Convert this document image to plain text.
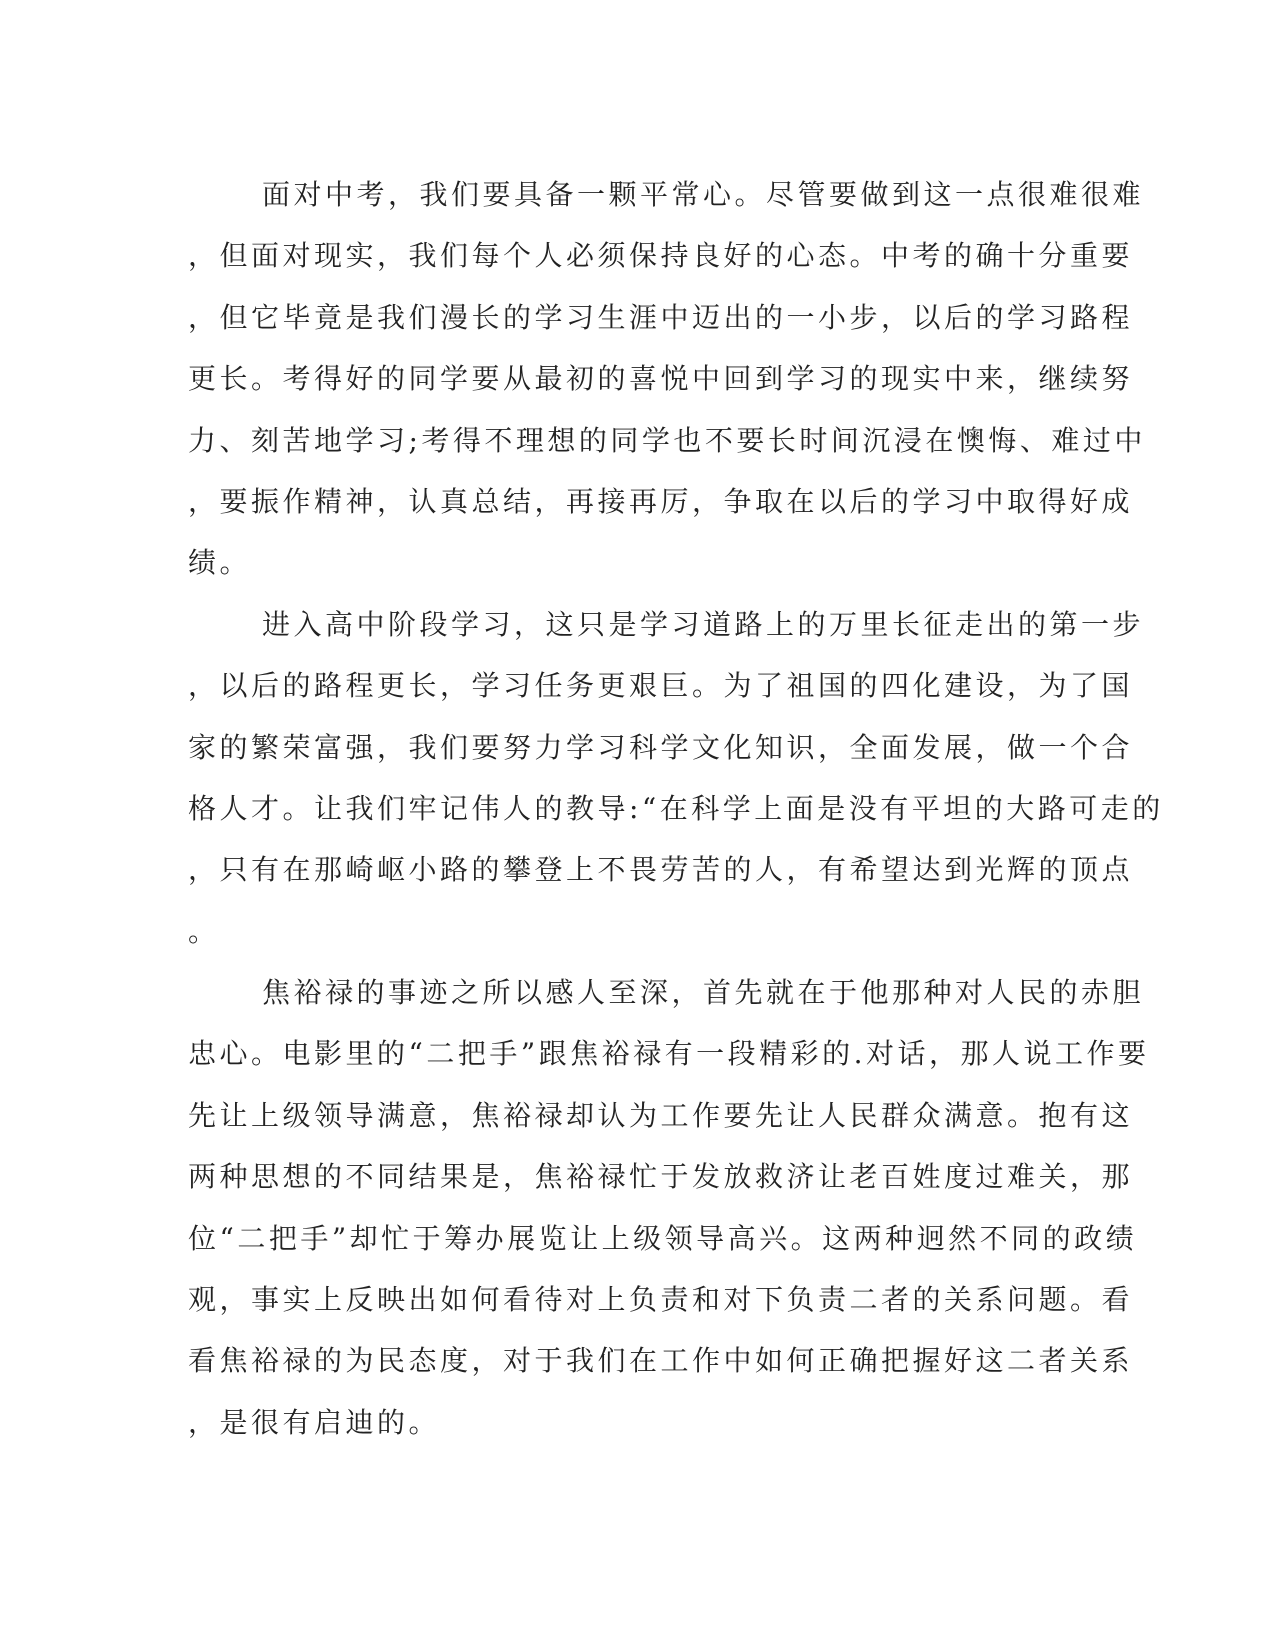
面对中考，我们要具备一颗平常心。尽管要做到这一点很难很难
，但面对现实，我们每个人必须保持良好的心态。中考的确十分重要
，但它毕竟是我们漫长的学习生涯中迈出的一小步，以后的学习路程
更长。考得好的同学要从最初的喜悦中回到学习的现实中来，继续努
力、刻苦地学习;考得不理想的同学也不要长时间沉浸在懊悔、难过中
，要振作精神，认真总结，再接再厉，争取在以后的学习中取得好成
绩。
进入高中阶段学习，这只是学习道路上的万里长征走出的第一步
，以后的路程更长，学习任务更艰巨。为了祖国的四化建设，为了国
家的繁荣富强，我们要努力学习科学文化知识，全面发展，做一个合
格人才。让我们牢记伟人的教导:“在科学上面是没有平坦的大路可走的
，只有在那崎岖小路的攀登上不畏劳苦的人，有希望达到光辉的顶点
。
焦裕禄的事迹之所以感人至深，首先就在于他那种对人民的赤胆
忠心。电影里的“二把手”跟焦裕禄有一段精彩的.对话，那人说工作要
先让上级领导满意，焦裕禄却认为工作要先让人民群众满意。抱有这
两种思想的不同结果是，焦裕禄忙于发放救济让老百姓度过难关，那
位“二把手”却忙于筹办展览让上级领导高兴。这两种迥然不同的政绩
观，事实上反映出如何看待对上负责和对下负责二者的关系问题。看
看焦裕禄的为民态度，对于我们在工作中如何正确把握好这二者关系
，是很有启迪的。
